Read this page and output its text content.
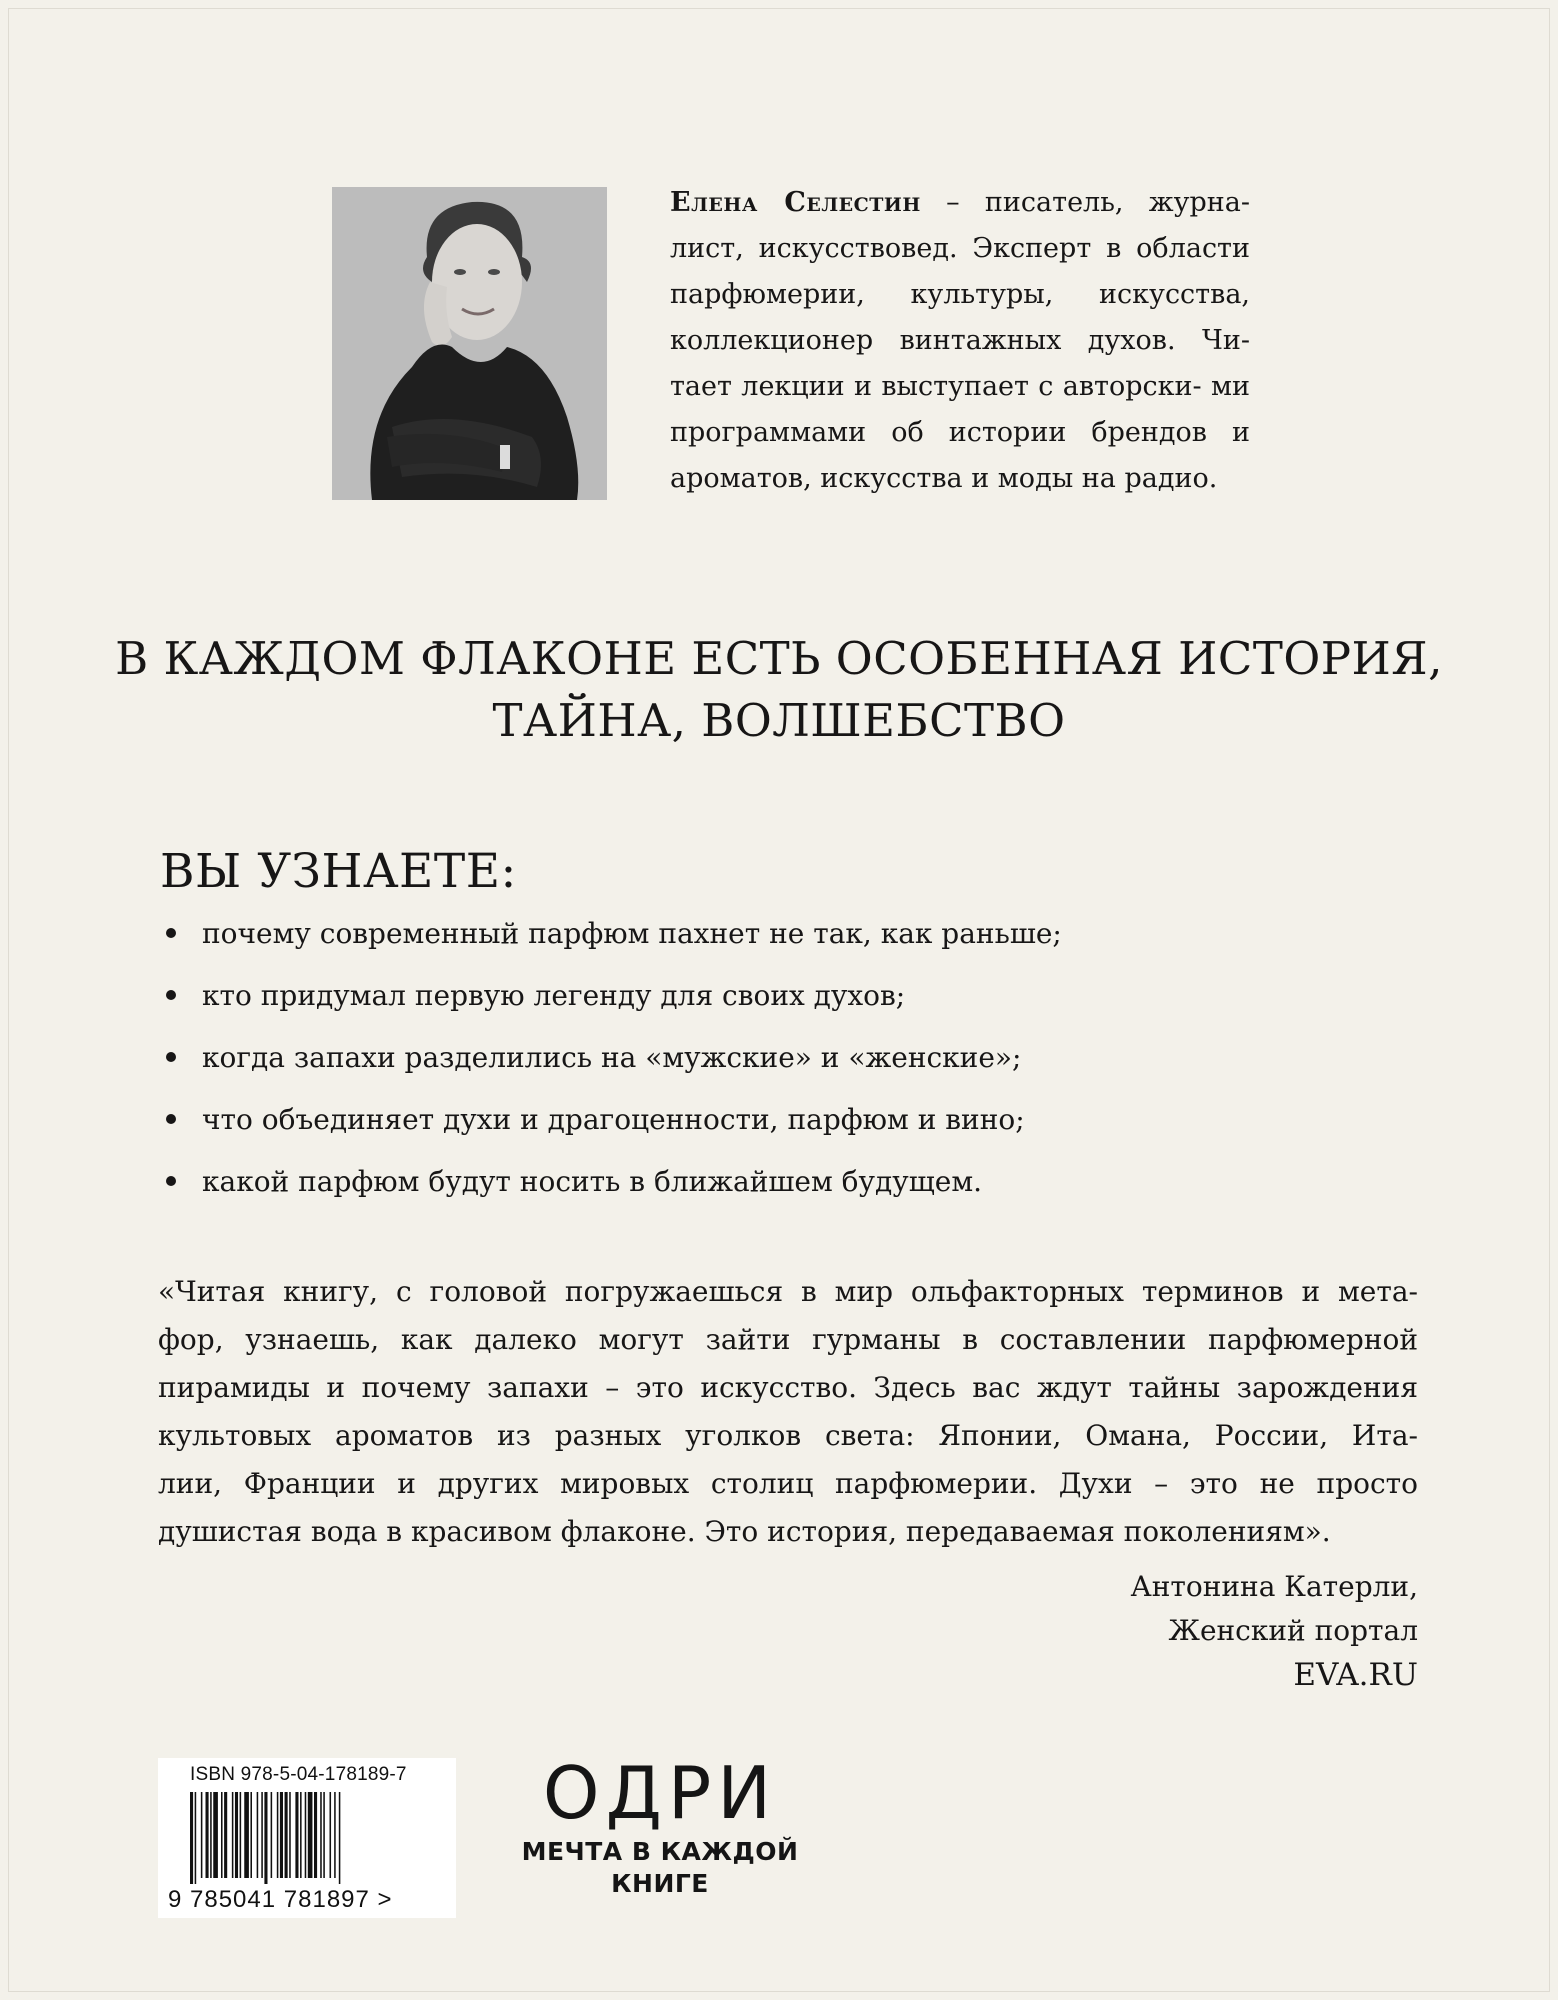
Елена Селестин – писатель, журна- лист, искусствовед. Эксперт в области парфюмерии, культуры, искусства, коллекционер винтажных духов. Чи- тает лекции и выступает с авторски- ми программами об истории брендов и ароматов, искусства и моды на радио.
В КАЖДОМ ФЛАКОНЕ ЕСТЬ ОСОБЕННАЯ ИСТОРИЯ,
ТАЙНА, ВОЛШЕБСТВО
ВЫ УЗНАЕТЕ:
почему современный парфюм пахнет не так, как раньше;
кто придумал первую легенду для своих духов;
когда запахи разделились на «мужские» и «женские»;
что объединяет духи и драгоценности, парфюм и вино;
какой парфюм будут носить в ближайшем будущем.
«Читая книгу, с головой погружаешься в мир ольфакторных терминов и мета-
фор, узнаешь, как далеко могут зайти гурманы в составлении парфюмерной
пирамиды и почему запахи – это искусство. Здесь вас ждут тайны зарождения
культовых ароматов из разных уголков света: Японии, Омана, России, Ита-
лии, Франции и других мировых столиц парфюмерии. Духи – это не просто
душистая вода в красивом флаконе. Это история, передаваемая поколениям».
Антонина Катерли,
Женский портал
EVA.RU
ISBN 978-5-04-178189-7
9 785041 781897 >
ОДРИ
МЕЧТА В КАЖДОЙ
КНИГЕ
